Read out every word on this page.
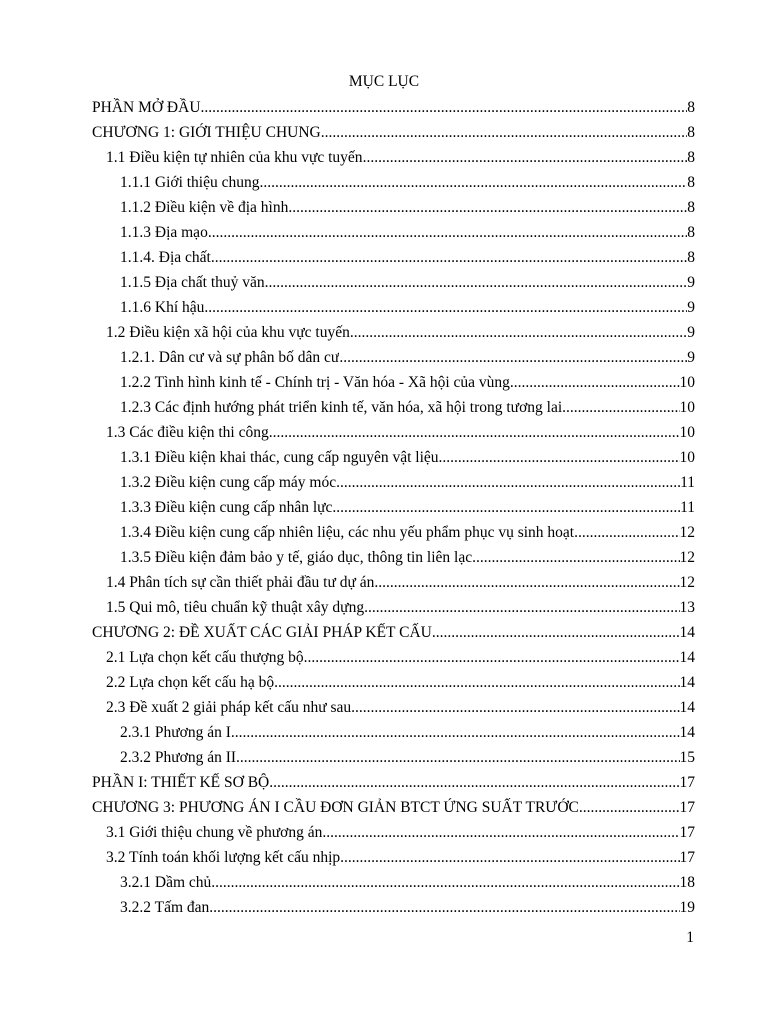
MỤC LỤC
PHẦN MỞ ĐẦU .....	8
CHƯƠNG 1: GIỚI THIỆU CHUNG .....	8
1.1 Điều kiện tự nhiên của khu vực tuyến .....	8
1.1.1 Giới thiệu chung .....	8
1.1.2 Điều kiện về địa hình .....	8
1.1.3 Địa mạo .....	8
1.1.4. Địa chất .....	8
1.1.5 Địa chất thuỷ văn .....	9
1.1.6 Khí hậu .....	9
1.2 Điều kiện xã hội của khu vực tuyến .....	9
1.2.1. Dân cư và sự phân bố dân cư .....	9
1.2.2 Tình hình kinh tế - Chính trị - Văn hóa - Xã hội của vùng .....	10
1.2.3 Các định hướng phát triển kinh tế, văn hóa, xã hội trong tương lai .....	10
1.3 Các điều kiện thi công .....	10
1.3.1 Điều kiện khai thác, cung cấp nguyên vật liệu .....	10
1.3.2 Điều kiện cung cấp máy móc .....	11
1.3.3 Điều kiện cung cấp nhân lực .....	11
1.3.4 Điều kiện cung cấp nhiên liệu, các nhu yếu phẩm phục vụ sinh hoạt .....	12
1.3.5 Điều kiện đảm bảo y tế, giáo dục, thông tin liên lạc .....	12
1.4 Phân tích sự cần thiết phải đầu tư dự án .....	12
1.5 Qui mô, tiêu chuẩn kỹ thuật xây dựng .....	13
CHƯƠNG 2: ĐỀ XUẤT CÁC GIẢI PHÁP KẾT CẤU .....	14
2.1 Lựa chọn kết cấu thượng bộ .....	14
2.2 Lựa chọn kết cấu hạ bộ .....	14
2.3 Đề xuất 2 giải pháp kết cấu như sau .....	14
2.3.1 Phương án I .....	14
2.3.2 Phương án II .....	15
PHẦN I: THIẾT KẾ SƠ BỘ .....	17
CHƯƠNG 3: PHƯƠNG ÁN I CẦU ĐƠN GIẢN BTCT ỨNG SUẤT TRƯỚC .....	17
3.1 Giới thiệu chung về phương án .....	17
3.2 Tính toán khối lượng kết cấu nhịp .....	17
3.2.1 Dầm chủ .....	18
3.2.2 Tấm đan .....	19
1
